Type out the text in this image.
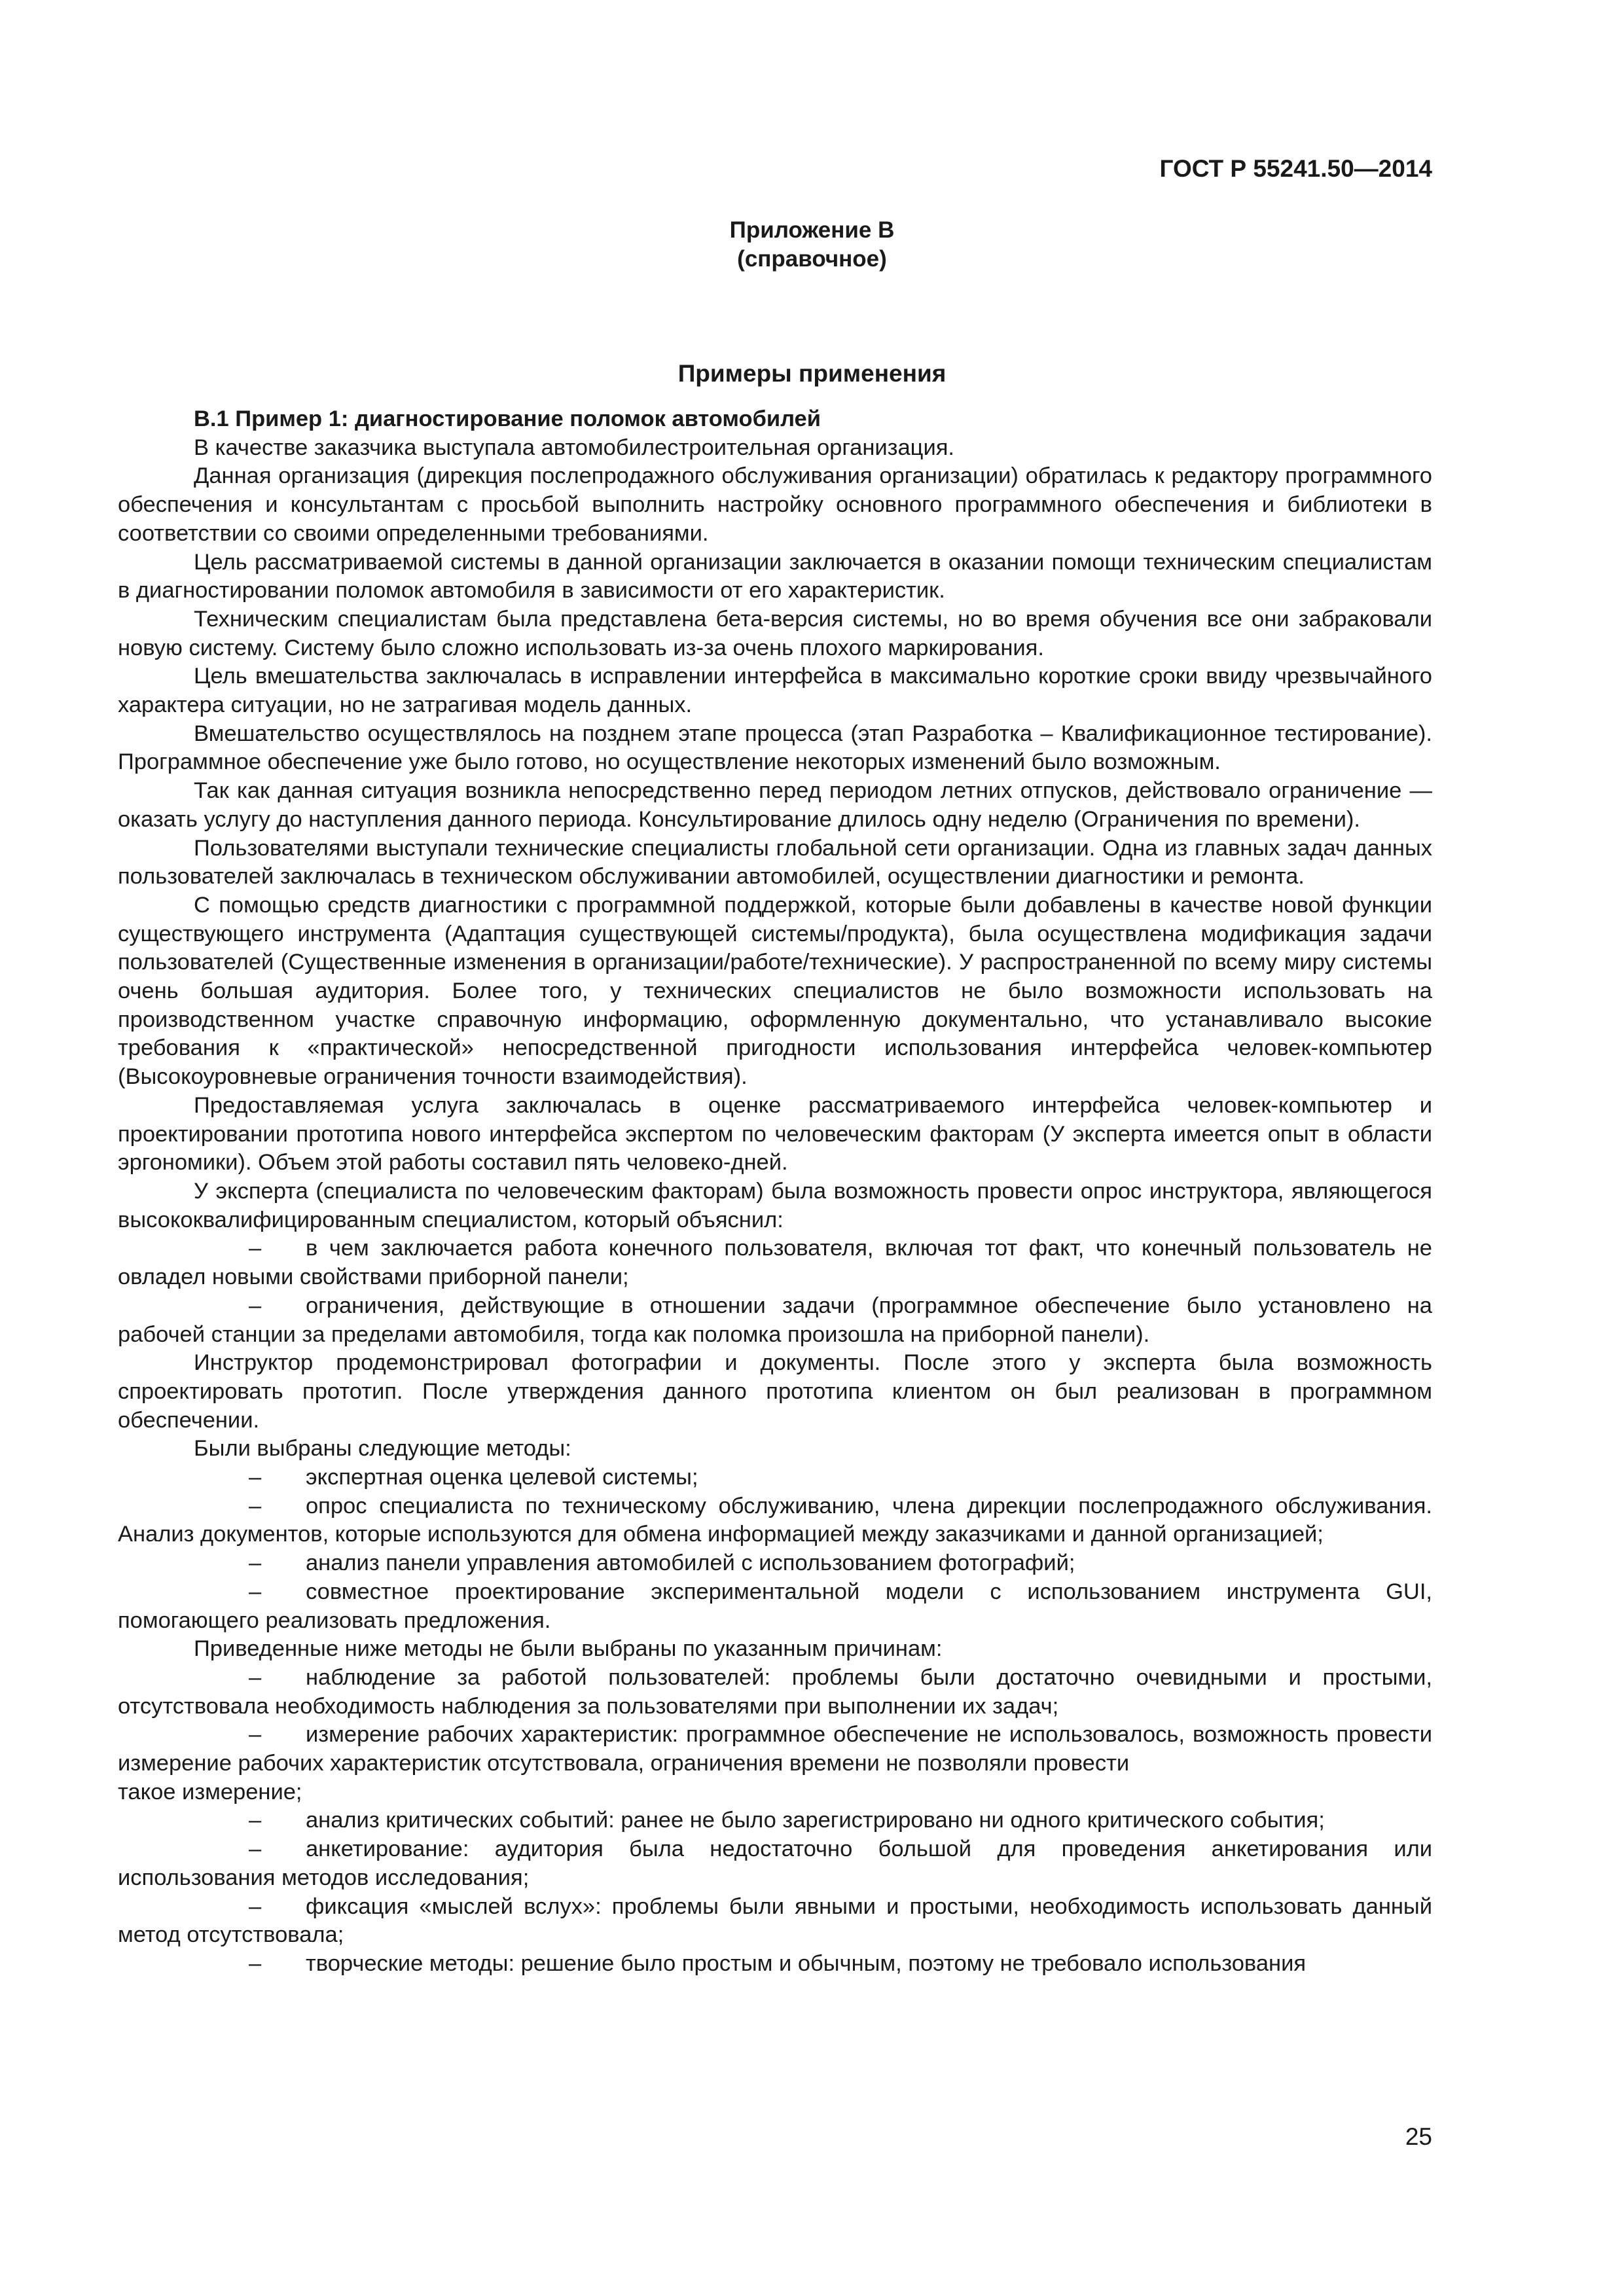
ГОСТ Р 55241.50—2014
Приложение В
(справочное)
Примеры применения

В.1 Пример 1: диагностирование поломок автомобилей

В качестве заказчика выступала автомобилестроительная организация.

Данная организация (дирекция послепродажного обслуживания организации) обратилась к редактору программного обеспечения и консультантам с просьбой выполнить настройку основного программного обеспечения и библиотеки в соответствии со своими определенными требованиями.

Цель рассматриваемой системы в данной организации заключается в оказании помощи техническим специалистам в диагностировании поломок автомобиля в зависимости от его характеристик.

Техническим специалистам была представлена бета-версия системы, но во время обучения все они забраковали новую систему. Систему было сложно использовать из-за очень плохого маркирования.

Цель вмешательства заключалась в исправлении интерфейса в максимально короткие сроки ввиду чрезвычайного характера ситуации, но не затрагивая модель данных.

Вмешательство осуществлялось на позднем этапе процесса (этап Разработка – Квалификационное тестирование). Программное обеспечение уже было готово, но осуществление некоторых изменений было возможным.

Так как данная ситуация возникла непосредственно перед периодом летних отпусков, действовало ограничение — оказать услугу до наступления данного периода. Консультирование длилось одну неделю (Ограничения по времени).

Пользователями выступали технические специалисты глобальной сети организации. Одна из главных задач данных пользователей заключалась в техническом обслуживании автомобилей, осуществлении диагностики и ремонта.

С помощью средств диагностики с программной поддержкой, которые были добавлены в качестве новой функции существующего инструмента (Адаптация существующей системы/продукта), была осуществлена модификация задачи пользователей (Существенные изменения в организации/работе/технические). У распространенной по всему миру системы очень большая аудитория. Более того, у технических специалистов не было возможности использовать на производственном участке справочную информацию, оформленную документально, что устанавливало высокие требования к «практической» непосредственной пригодности использования интерфейса человек-компьютер (Высокоуровневые ограничения точности взаимодействия).

Предоставляемая услуга заключалась в оценке рассматриваемого интерфейса человек-компьютер и проектировании прототипа нового интерфейса экспертом по человеческим факторам (У эксперта имеется опыт в области эргономики). Объем этой работы составил пять человеко-дней.

У эксперта (специалиста по человеческим факторам) была возможность провести опрос инструктора, являющегося высококвалифицированным специалистом, который объяснил:

– в чем заключается работа конечного пользователя, включая тот факт, что конечный пользователь не овладел новыми свойствами приборной панели;

– ограничения, действующие в отношении задачи (программное обеспечение было установлено на рабочей станции за пределами автомобиля, тогда как поломка произошла на приборной панели).

Инструктор продемонстрировал фотографии и документы. После этого у эксперта была возможность спроектировать прототип. После утверждения данного прототипа клиентом он был реализован в программном обеспечении.

Были выбраны следующие методы:

– экспертная оценка целевой системы;

– опрос специалиста по техническому обслуживанию, члена дирекции послепродажного обслуживания. Анализ документов, которые используются для обмена информацией между заказчиками и данной организацией;

– анализ панели управления автомобилей с использованием фотографий;

– совместное проектирование экспериментальной модели с использованием инструмента GUI, помогающего реализовать предложения.

Приведенные ниже методы не были выбраны по указанным причинам:

– наблюдение за работой пользователей: проблемы были достаточно очевидными и простыми, отсутствовала необходимость наблюдения за пользователями при выполнении их задач;

– измерение рабочих характеристик: программное обеспечение не использовалось, возможность провести измерение рабочих характеристик отсутствовала, ограничения времени не позволяли провести

такое измерение;

– анализ критических событий: ранее не было зарегистрировано ни одного критического события;

– анкетирование: аудитория была недостаточно большой для проведения анкетирования или использования методов исследования;

– фиксация «мыслей вслух»: проблемы были явными и простыми, необходимость использовать данный метод отсутствовала;

– творческие методы: решение было простым и обычным, поэтому не требовало использования

25
